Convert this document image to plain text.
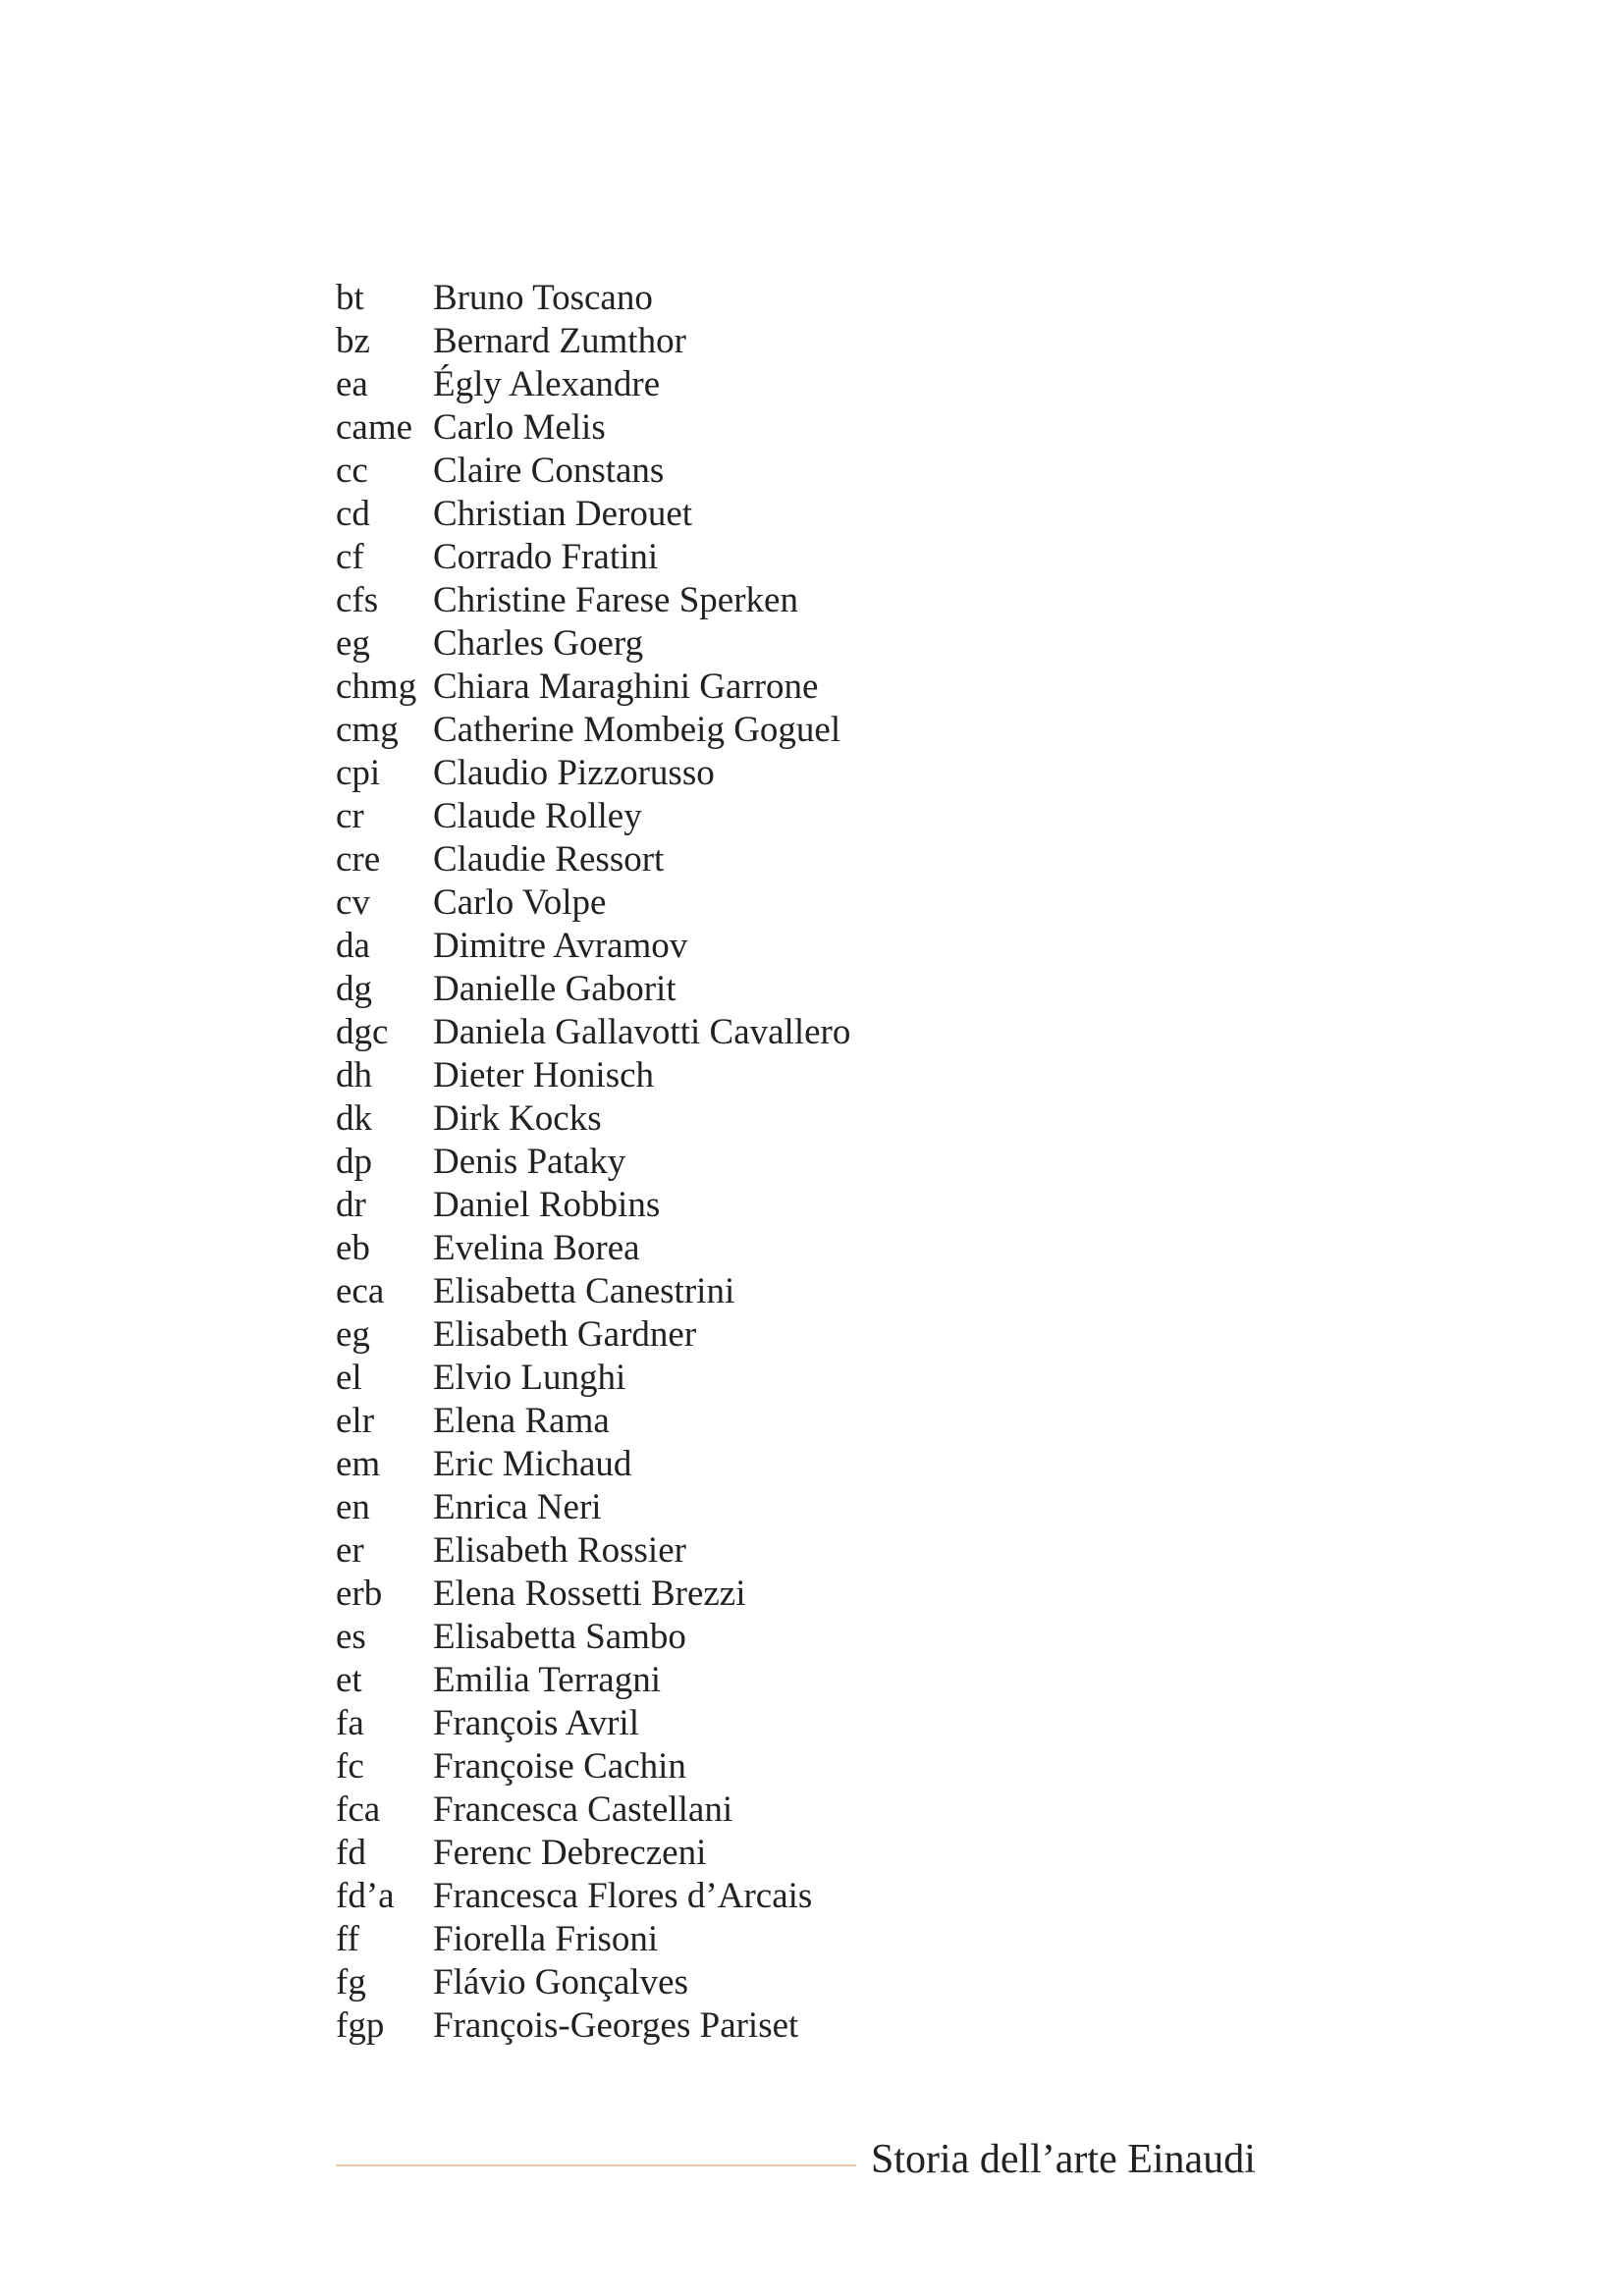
bt	Bruno Toscano
bz	Bernard Zumthor
ea	Égly Alexandre
came Carlo Melis
cc	Claire Constans
cd	Christian Derouet
cf	Corrado Fratini
cfs	Christine Farese Sperken
eg	Charles Goerg
chmg Chiara Maraghini Garrone
cmg Catherine Mombeig Goguel
cpi	Claudio Pizzorusso
cr	Claude Rolley
cre	Claudie Ressort
cv	Carlo Volpe
da	Dimitre Avramov
dg	Danielle Gaborit
dgc	Daniela Gallavotti Cavallero
dh	Dieter Honisch
dk	Dirk Kocks
dp	Denis Pataky
dr	Daniel Robbins
eb	Evelina Borea
eca	Elisabetta Canestrini
eg	Elisabeth Gardner
el	Elvio Lunghi
elr	Elena Rama
em	Eric Michaud
en	Enrica Neri
er	Elisabeth Rossier
erb	Elena Rossetti Brezzi
es	Elisabetta Sambo
et	Emilia Terragni
fa	François Avril
fc	Françoise Cachin
fca	Francesca Castellani
fd	Ferenc Debreczeni
fd’a	Francesca Flores d’Arcais
ff	Fiorella Frisoni
fg	Flávio Gonçalves
fgp	François-Georges Pariset
Storia dell’arte Einaudi
